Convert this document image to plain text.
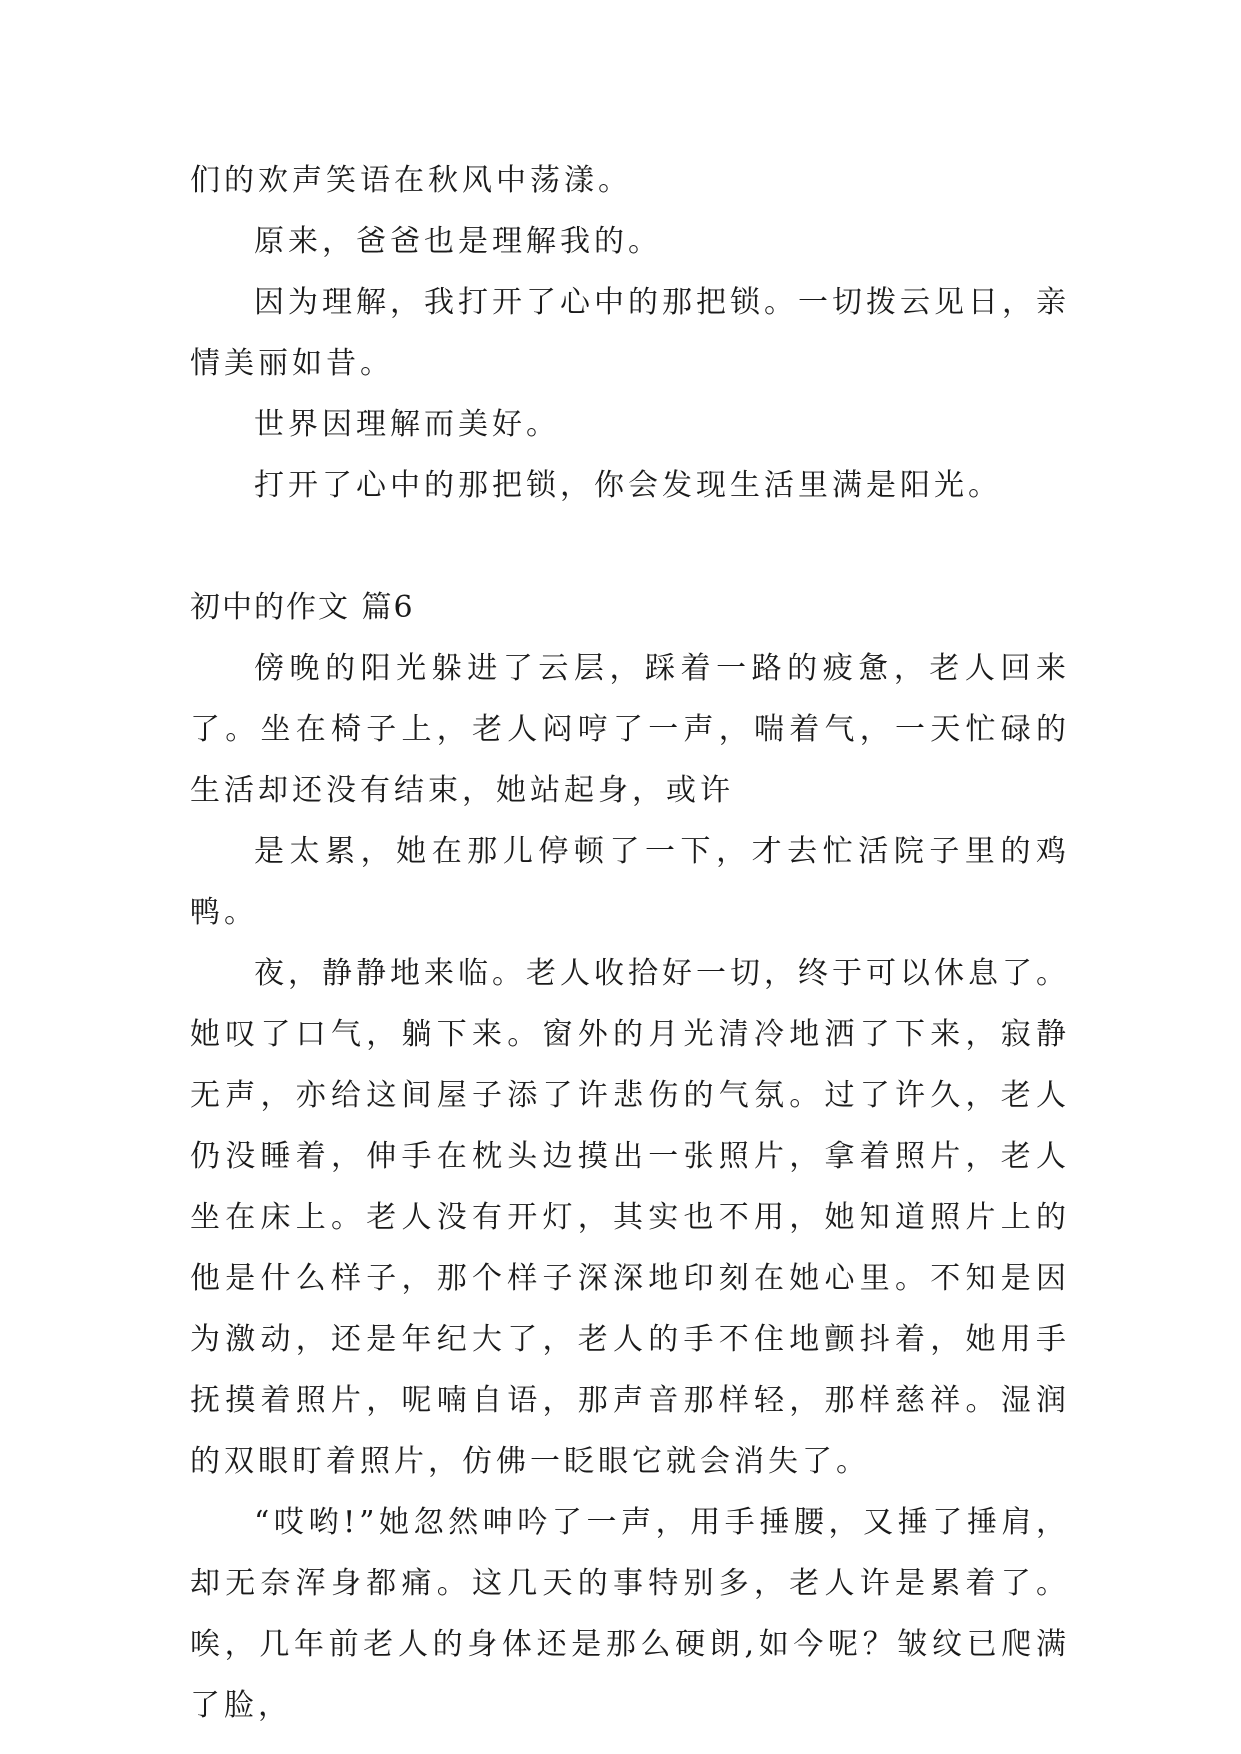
们的欢声笑语在秋风中荡漾。

原来，爸爸也是理解我的。

因为理解，我打开了心中的那把锁。一切拨云见日，亲情美丽如昔。

世界因理解而美好。

打开了心中的那把锁，你会发现生活里满是阳光。

初中的作文 篇6

傍晚的阳光躲进了云层，踩着一路的疲惫，老人回来了。坐在椅子上，老人闷哼了一声，喘着气，一天忙碌的生活却还没有结束，她站起身，或许

是太累，她在那儿停顿了一下，才去忙活院子里的鸡鸭。

夜，静静地来临。老人收拾好一切，终于可以休息了。她叹了口气，躺下来。窗外的月光清冷地洒了下来，寂静无声，亦给这间屋子添了许悲伤的气氛。过了许久，老人仍没睡着，伸手在枕头边摸出一张照片，拿着照片，老人坐在床上。老人没有开灯，其实也不用，她知道照片上的他是什么样子，那个样子深深地印刻在她心里。不知是因为激动，还是年纪大了，老人的手不住地颤抖着，她用手抚摸着照片，呢喃自语，那声音那样轻，那样慈祥。湿润的双眼盯着照片，仿佛一眨眼它就会消失了。

“哎哟!”她忽然呻吟了一声，用手捶腰，又捶了捶肩，却无奈浑身都痛。这几天的事特别多，老人许是累着了。唉，几年前老人的身体还是那么硬朗,如今呢？皱纹已爬满了脸，
